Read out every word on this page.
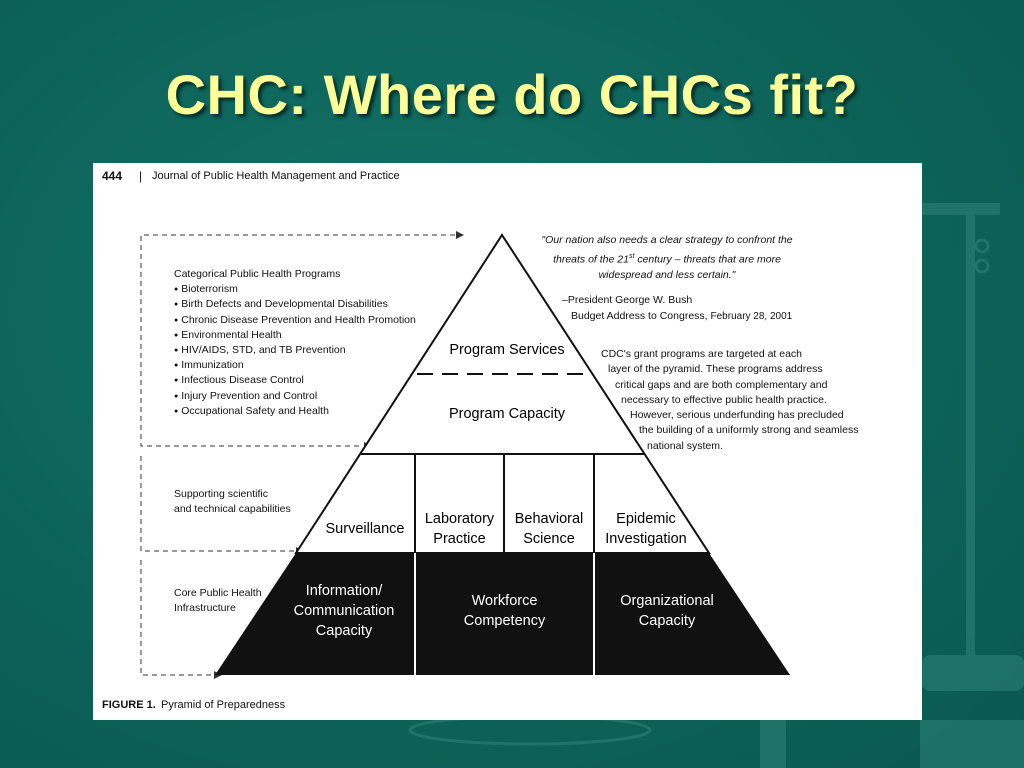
CHC: Where do CHCs fit?
444 | Journal of Public Health Management and Practice
Categorical Public Health Programs
● Bioterrorism
● Birth Defects and Developmental Disabilities
● Chronic Disease Prevention and Health Promotion
● Environmental Health
● HIV/AIDS, STD, and TB Prevention
● Immunization
● Infectious Disease Control
● Injury Prevention and Control
● Occupational Safety and Health
Supporting scientific
and technical capabilities
Core Public Health
Infrastructure
"Our nation also needs a clear strategy to confront the
threats of the 21st century – threats that are more
widespread and less certain."
–President George W. Bush
Budget Address to Congress, February 28, 2001
CDC's grant programs are targeted at each
layer of the pyramid. These programs address
critical gaps and are both complementary and
necessary to effective public health practice.
However, serious underfunding has precluded
the building of a uniformly strong and seamless
national system.
Program Services
Program Capacity
Surveillance
Laboratory
Practice
Behavioral
Science
Epidemic
Investigation
Information/
Communication
Capacity
Workforce
Competency
Organizational
Capacity
FIGURE 1. Pyramid of Preparedness
